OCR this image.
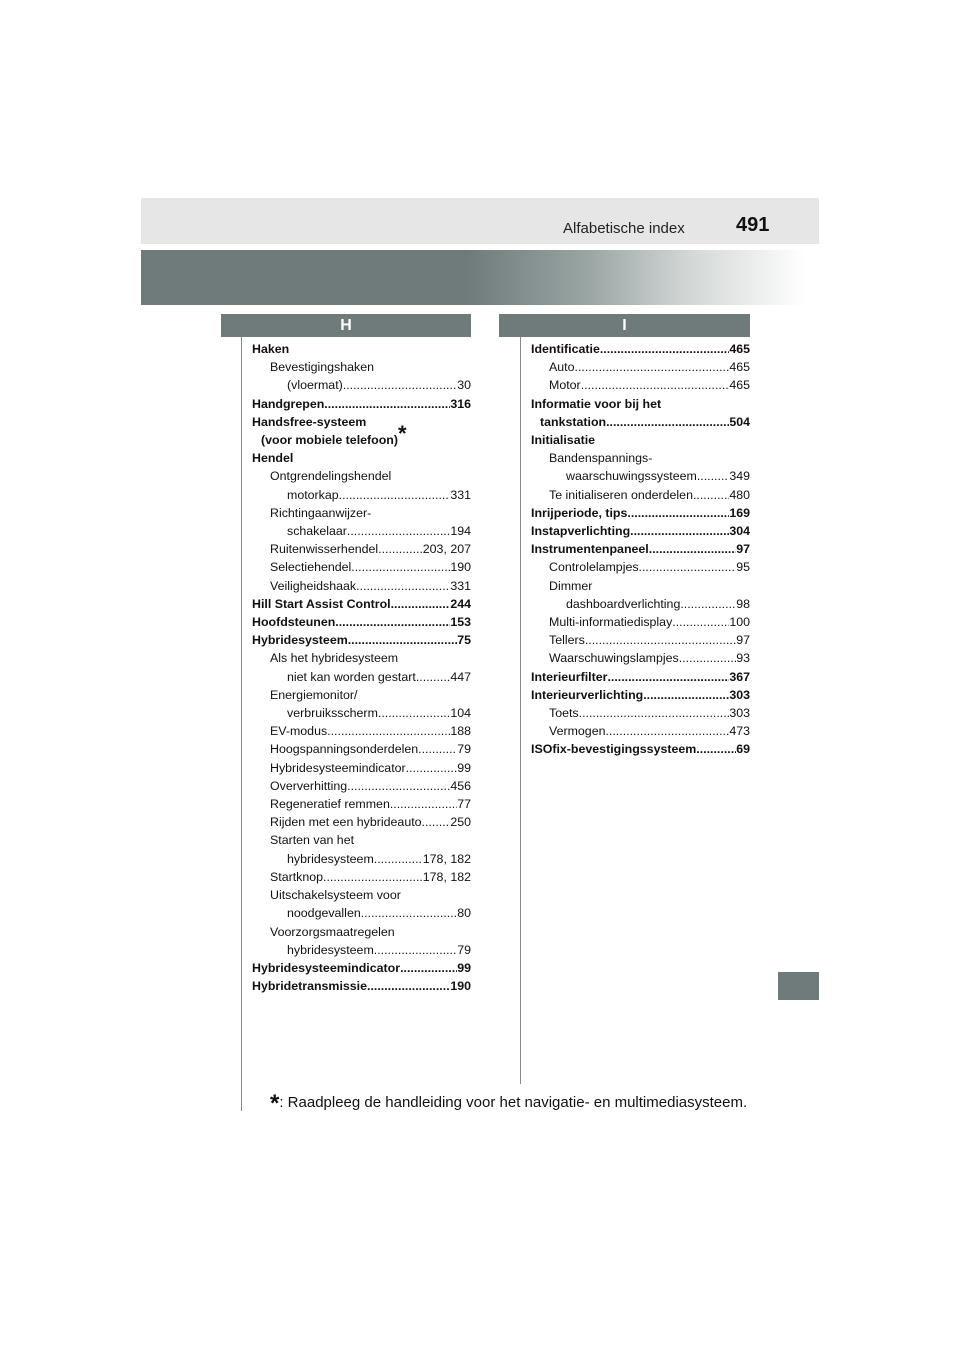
Alfabetische index	491
H	I
Haken
Bevestigingshaken
(vloermat) .....	30
Handgrepen .....	316
Handsfree-systeem
(voor mobiele telefoon)*
Hendel
Ontgrendelingshendel
motorkap .....	331
Richtingaanwijzer-
schakelaar .....	194
Ruitenwisserhendel .....	203, 207
Selectiehendel .....	190
Veiligheidshaak .....	331
Hill Start Assist Control .....	244
Hoofdsteunen .....	153
Hybridesysteem .....	75
Als het hybridesysteem
niet kan worden gestart .....	447
Energiemonitor/
verbruiksscherm .....	104
EV-modus .....	188
Hoogspanningsonderdelen .....	79
Hybridesysteemindicator .....	99
Oververhitting .....	456
Regeneratief remmen .....	77
Rijden met een hybrideauto ..... 250
Starten van het
hybridesysteem .....	178, 182
Startknop .....	178, 182
Uitschakelsysteem voor
noodgevallen .....	80
Voorzorgsmaatregelen
hybridesysteem .....	79
Hybridesysteemindicator .....	99
Hybridetransmissie .....	190
Identificatie .....	465
Auto .....	465
Motor .....	465
Informatie voor bij het
tankstation .....	504
Initialisatie
Bandenspannings-
waarschuwingssysteem .....	349
Te initialiseren onderdelen .....	480
Inrijperiode, tips .....	169
Instapverlichting .....	304
Instrumentenpaneel .....	97
Controlelampjes .....	95
Dimmer
dashboardverlichting .....	98
Multi-informatiedisplay .....	100
Tellers .....	97
Waarschuwingslampjes .....	93
Interieurfilter .....	367
Interieurverlichting .....	303
Toets .....	303
Vermogen .....	473
ISOfix-bevestigingssysteem .....	69
*: Raadpleeg de handleiding voor het navigatie- en multimediasysteem.
